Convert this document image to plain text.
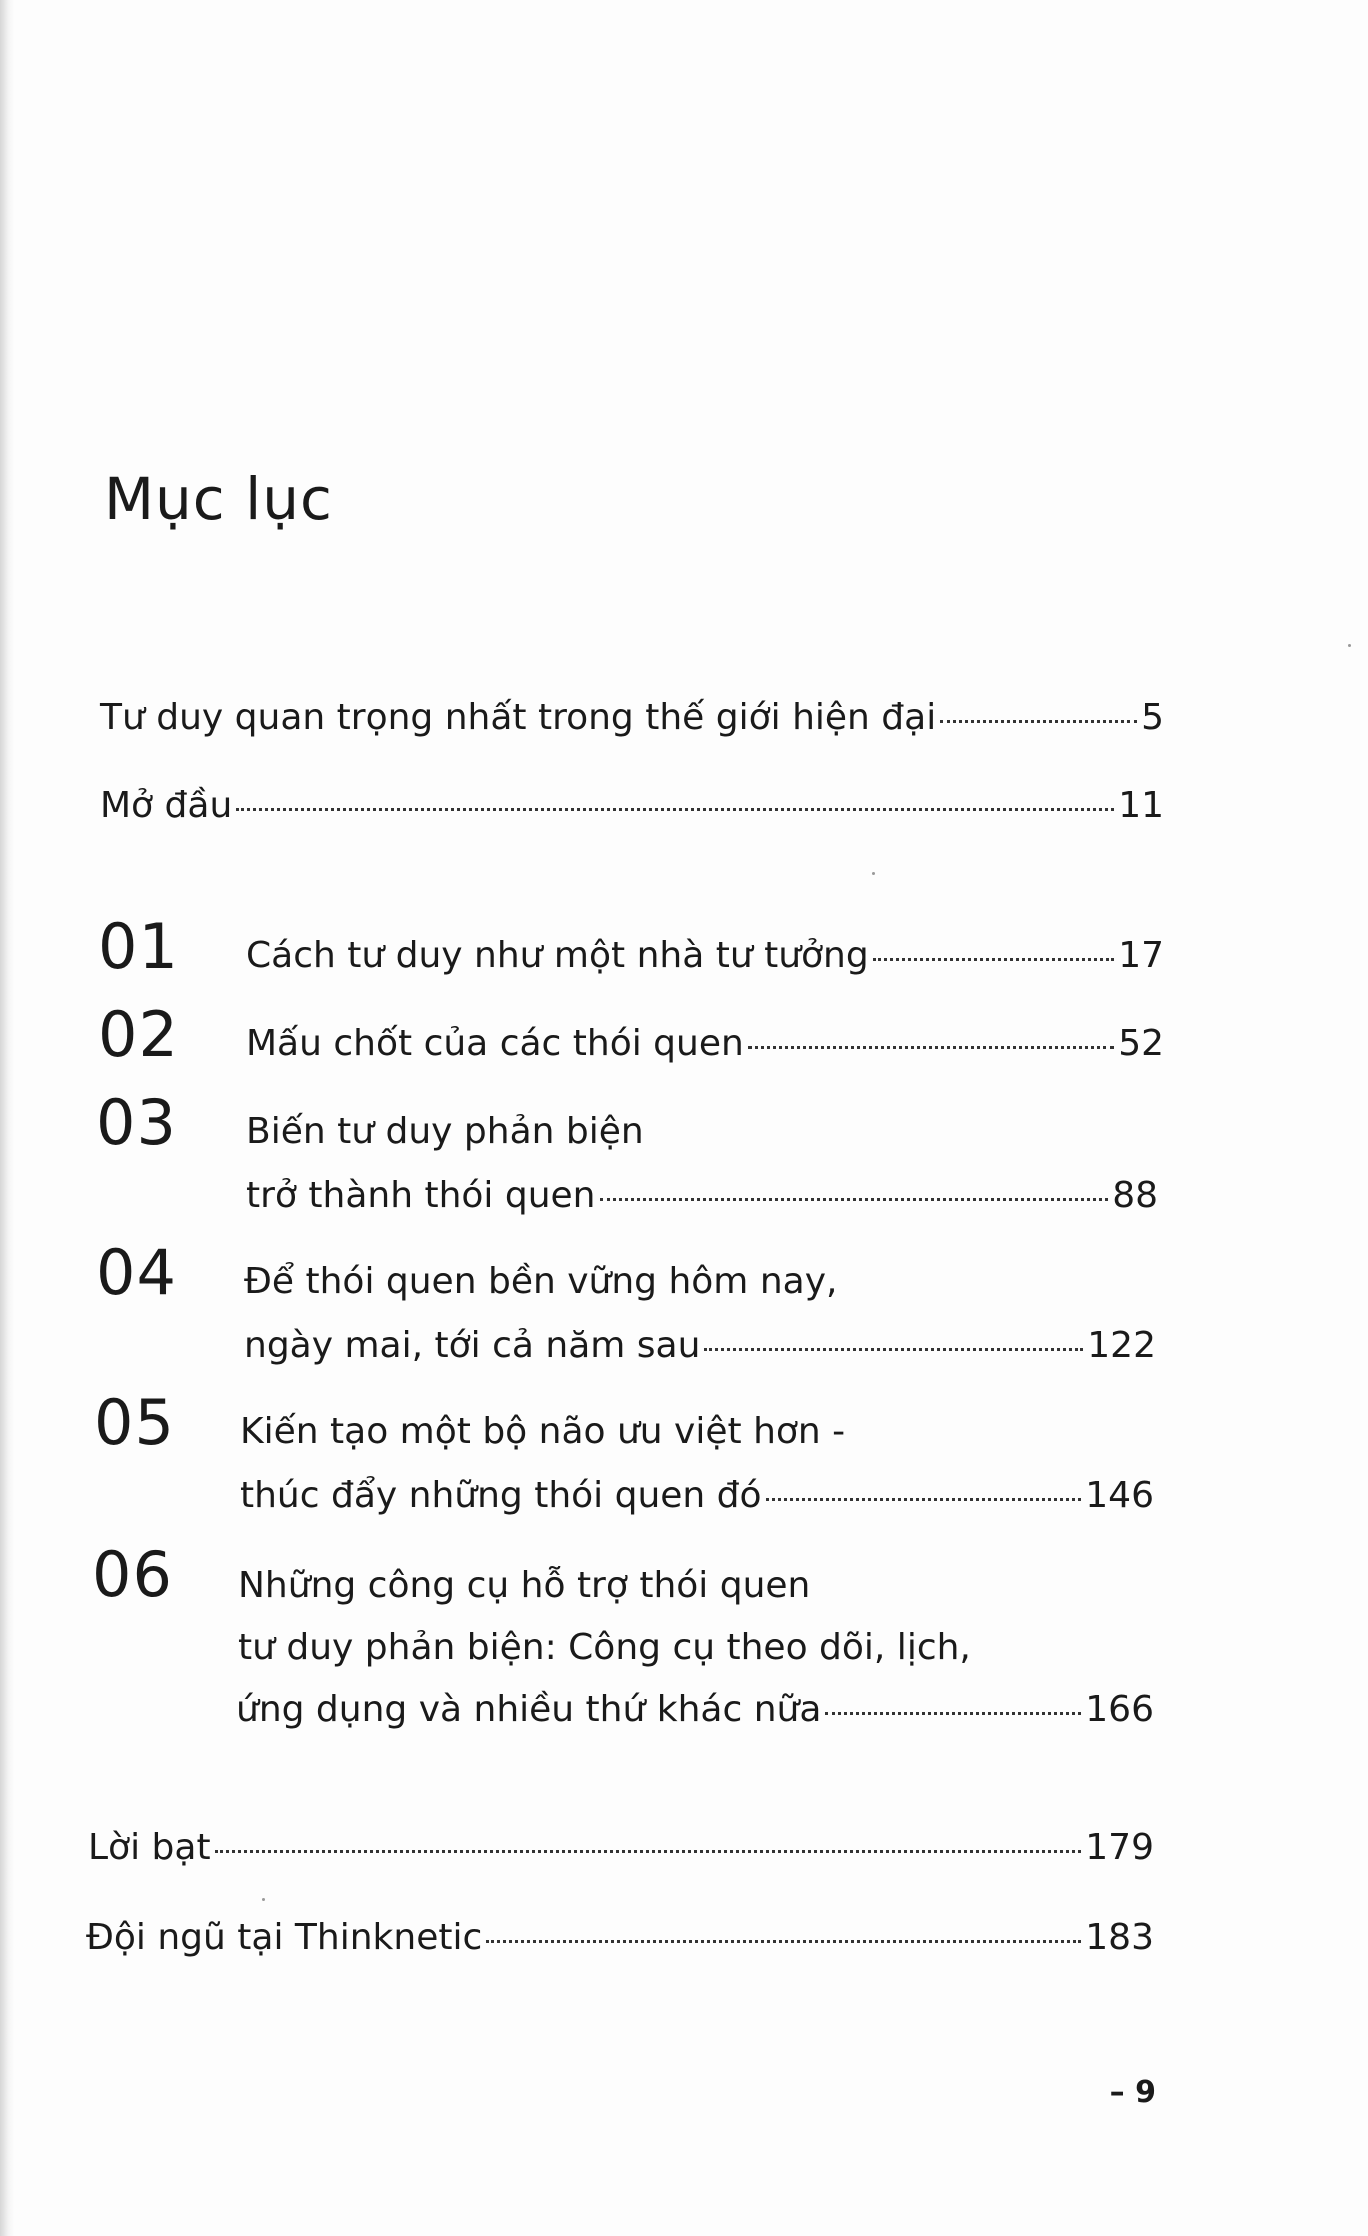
Mục lục
Tư duy quan trọng nhất trong thế giới hiện đại	5
Mở đầu	11
01 Cách tư duy như một nhà tư tưởng	17
02 Mấu chốt của các thói quen	52
03 Biến tư duy phản biện
trở thành thói quen	88
04 Để thói quen bền vững hôm nay,
ngày mai, tới cả năm sau	122
05 Kiến tạo một bộ não ưu việt hơn -
thúc đẩy những thói quen đó	146
06 Những công cụ hỗ trợ thói quen
tư duy phản biện: Công cụ theo dõi, lịch,
ứng dụng và nhiều thứ khác nữa	166
Lời bạt	179
Đội ngũ tại Thinknetic	183
– 9
